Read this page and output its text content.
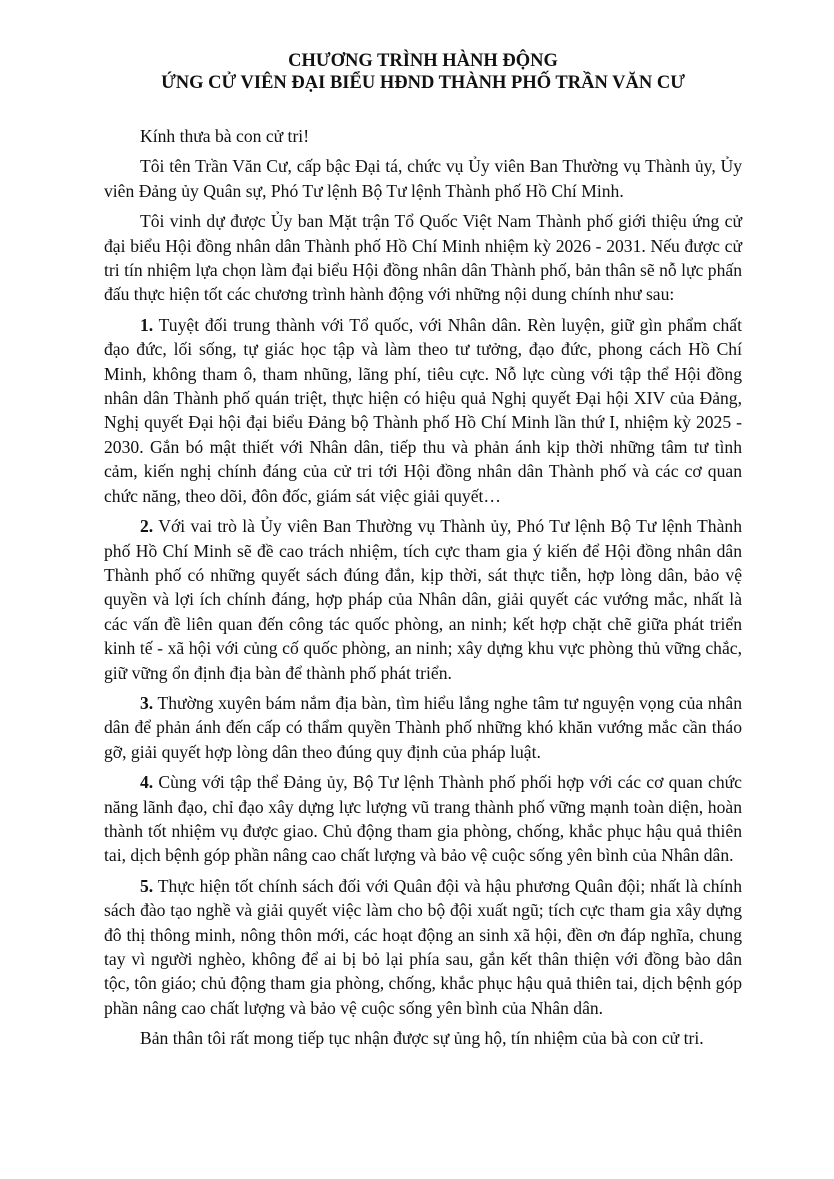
CHƯƠNG TRÌNH HÀNH ĐỘNG
ỨNG CỬ VIÊN ĐẠI BIỂU HĐND THÀNH PHỐ TRẦN VĂN CƯ

Kính thưa bà con cử tri!

Tôi tên Trần Văn Cư, cấp bậc Đại tá, chức vụ Ủy viên Ban Thường vụ Thành ủy, Ủy viên Đảng ủy Quân sự, Phó Tư lệnh Bộ Tư lệnh Thành phố Hồ Chí Minh.

Tôi vinh dự được Ủy ban Mặt trận Tổ Quốc Việt Nam Thành phố giới thiệu ứng cử đại biểu Hội đồng nhân dân Thành phố Hồ Chí Minh nhiệm kỳ 2026 - 2031. Nếu được cử tri tín nhiệm lựa chọn làm đại biểu Hội đồng nhân dân Thành phố, bản thân sẽ nỗ lực phấn đấu thực hiện tốt các chương trình hành động với những nội dung chính như sau:

1. Tuyệt đối trung thành với Tổ quốc, với Nhân dân. Rèn luyện, giữ gìn phẩm chất đạo đức, lối sống, tự giác học tập và làm theo tư tưởng, đạo đức, phong cách Hồ Chí Minh, không tham ô, tham nhũng, lãng phí, tiêu cực. Nỗ lực cùng với tập thể Hội đồng nhân dân Thành phố quán triệt, thực hiện có hiệu quả Nghị quyết Đại hội XIV của Đảng, Nghị quyết Đại hội đại biểu Đảng bộ Thành phố Hồ Chí Minh lần thứ I, nhiệm kỳ 2025 - 2030. Gắn bó mật thiết với Nhân dân, tiếp thu và phản ánh kịp thời những tâm tư tình cảm, kiến nghị chính đáng của cử tri tới Hội đồng nhân dân Thành phố và các cơ quan chức năng, theo dõi, đôn đốc, giám sát việc giải quyết…

2. Với vai trò là Ủy viên Ban Thường vụ Thành ủy, Phó Tư lệnh Bộ Tư lệnh Thành phố Hồ Chí Minh sẽ đề cao trách nhiệm, tích cực tham gia ý kiến để Hội đồng nhân dân Thành phố có những quyết sách đúng đắn, kịp thời, sát thực tiễn, hợp lòng dân, bảo vệ quyền và lợi ích chính đáng, hợp pháp của Nhân dân, giải quyết các vướng mắc, nhất là các vấn đề liên quan đến công tác quốc phòng, an ninh; kết hợp chặt chẽ giữa phát triển kinh tế - xã hội với củng cố quốc phòng, an ninh; xây dựng khu vực phòng thủ vững chắc, giữ vững ổn định địa bàn để thành phố phát triển.

3. Thường xuyên bám nắm địa bàn, tìm hiểu lắng nghe tâm tư nguyện vọng của nhân dân để phản ánh đến cấp có thẩm quyền Thành phố những khó khăn vướng mắc cần tháo gỡ, giải quyết hợp lòng dân theo đúng quy định của pháp luật.

4. Cùng với tập thể Đảng ủy, Bộ Tư lệnh Thành phố phối hợp với các cơ quan chức năng lãnh đạo, chỉ đạo xây dựng lực lượng vũ trang thành phố vững mạnh toàn diện, hoàn thành tốt nhiệm vụ được giao. Chủ động tham gia phòng, chống, khắc phục hậu quả thiên tai, dịch bệnh góp phần nâng cao chất lượng và bảo vệ cuộc sống yên bình của Nhân dân.

5. Thực hiện tốt chính sách đối với Quân đội và hậu phương Quân đội; nhất là chính sách đào tạo nghề và giải quyết việc làm cho bộ đội xuất ngũ; tích cực tham gia xây dựng đô thị thông minh, nông thôn mới, các hoạt động an sinh xã hội, đền ơn đáp nghĩa, chung tay vì người nghèo, không để ai bị bỏ lại phía sau, gắn kết thân thiện với đồng bào dân tộc, tôn giáo; chủ động tham gia phòng, chống, khắc phục hậu quả thiên tai, dịch bệnh góp phần nâng cao chất lượng và bảo vệ cuộc sống yên bình của Nhân dân.

Bản thân tôi rất mong tiếp tục nhận được sự ủng hộ, tín nhiệm của bà con cử tri.
